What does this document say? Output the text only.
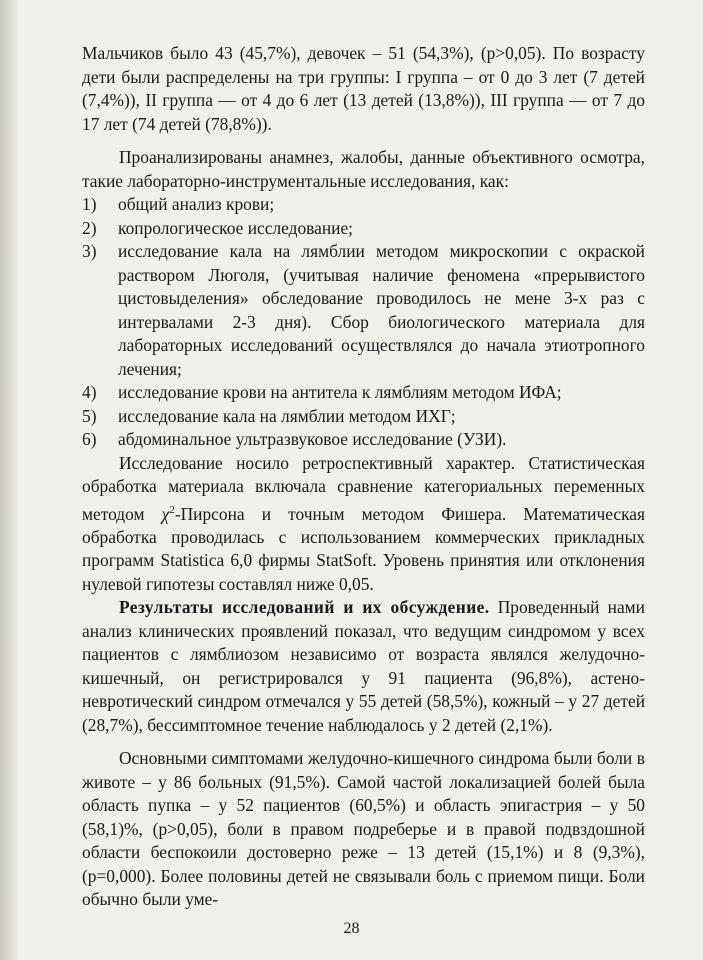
Мальчиков было 43 (45,7%), девочек – 51 (54,3%), (р>0,05). По возрасту дети были распределены на три группы: I группа – от 0 до 3 лет (7 детей (7,4%)), II группа — от 4 до 6 лет (13 детей (13,8%)), III группа — от 7 до 17 лет (74 детей (78,8%)).

Проанализированы анамнез, жалобы, данные объективного осмотра, такие лабораторно-инструментальные исследования, как:

1)	общий анализ крови;
2)	копрологическое исследование;
3)	исследование кала на лямблии методом микроскопии с окраской раствором Люголя, (учитывая наличие феномена «прерывистого цистовыделения» обследование проводилось не мене 3-х раз с интервалами 2-3 дня). Сбор биологического материала для лабораторных исследований осуществлялся до начала этиотропного лечения;
4)	исследование крови на антитела к лямблиям методом ИФА;
5)	исследование кала на лямблии методом ИХГ;
6)	абдоминальное ультразвуковое исследование (УЗИ).

Исследование носило ретроспективный характер. Статистическая обработка материала включала сравнение категориальных переменных методом $\chi^2$-Пирсона и точным методом Фишера. Математическая обработка проводилась с использованием коммерческих прикладных программ Statistica 6,0 фирмы StatSoft. Уровень принятия или отклонения нулевой гипотезы составлял ниже 0,05.

Результаты исследований и их обсуждение. Проведенный нами анализ клинических проявлений показал, что ведущим синдромом у всех пациентов с лямблиозом независимо от возраста являлся желудочно-кишечный, он регистрировался у 91 пациента (96,8%), астено-невротический синдром отмечался у 55 детей (58,5%), кожный – у 27 детей (28,7%), бессимптомное течение наблюдалось у 2 детей (2,1%).

Основными симптомами желудочно-кишечного синдрома были боли в животе – у 86 больных (91,5%). Самой частой локализацией болей была область пупка – у 52 пациентов (60,5%) и область эпигастрия – у 50 (58,1)%, (р>0,05), боли в правом подреберье и в правой подвздошной области беспокоили достоверно реже – 13 детей (15,1%) и 8 (9,3%), (р=0,000). Более половины детей не связывали боль с приемом пищи. Боли обычно были уме-

28
